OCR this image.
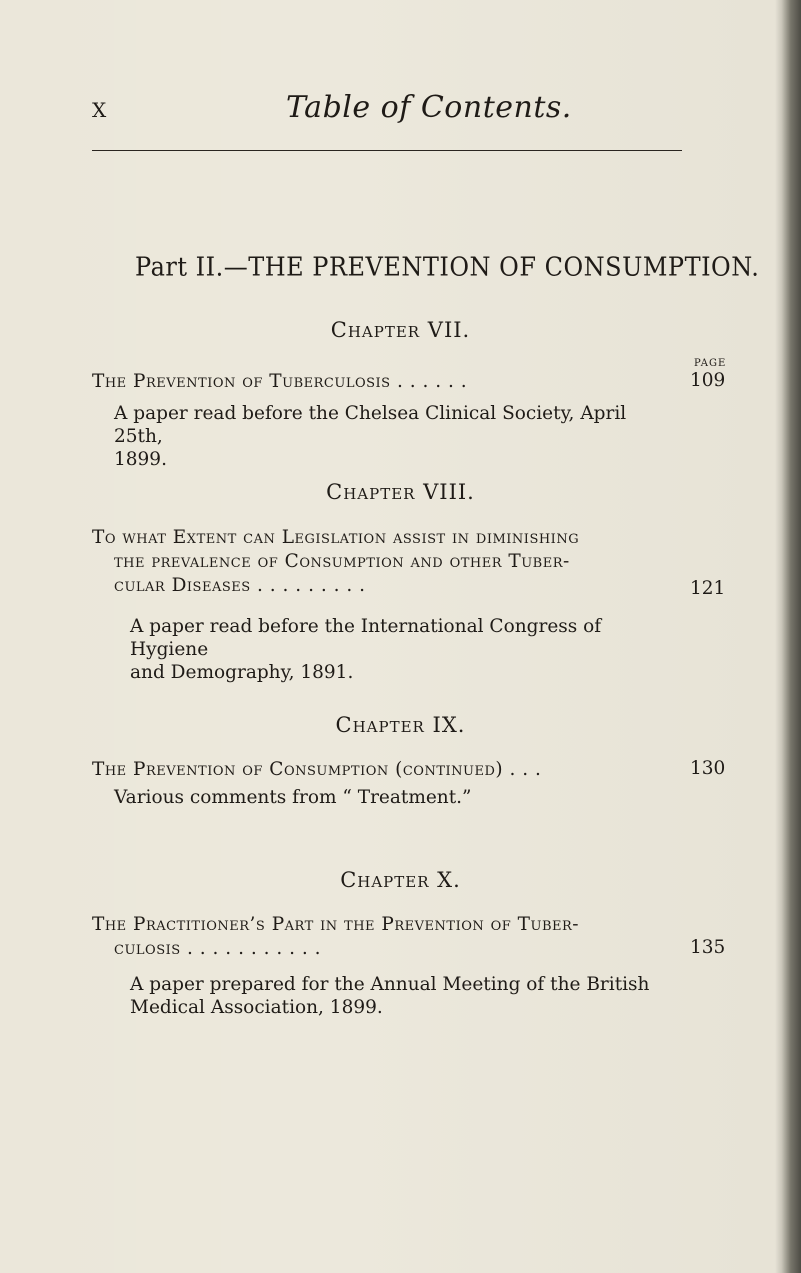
X	Table of Contents.
Part II.—THE PREVENTION OF CONSUMPTION.
Chapter VII.
PAGE
The Prevention of Tuberculosis . . . . . .	109
A paper read before the Chelsea Clinical Society, April 25th,
1899.
Chapter VIII.
To what Extent can Legislation assist in diminishing
the prevalence of Consumption and other Tuber-
cular Diseases . . . . . . . . .	121
A paper read before the International Congress of Hygiene
and Demography, 1891.
Chapter IX.
The Prevention of Consumption (continued) . . .	130
Various comments from “ Treatment.”
Chapter X.
The Practitioner’s Part in the Prevention of Tuber-
culosis . . . . . . . . . . .	135
A paper prepared for the Annual Meeting of the British
Medical Association, 1899.
